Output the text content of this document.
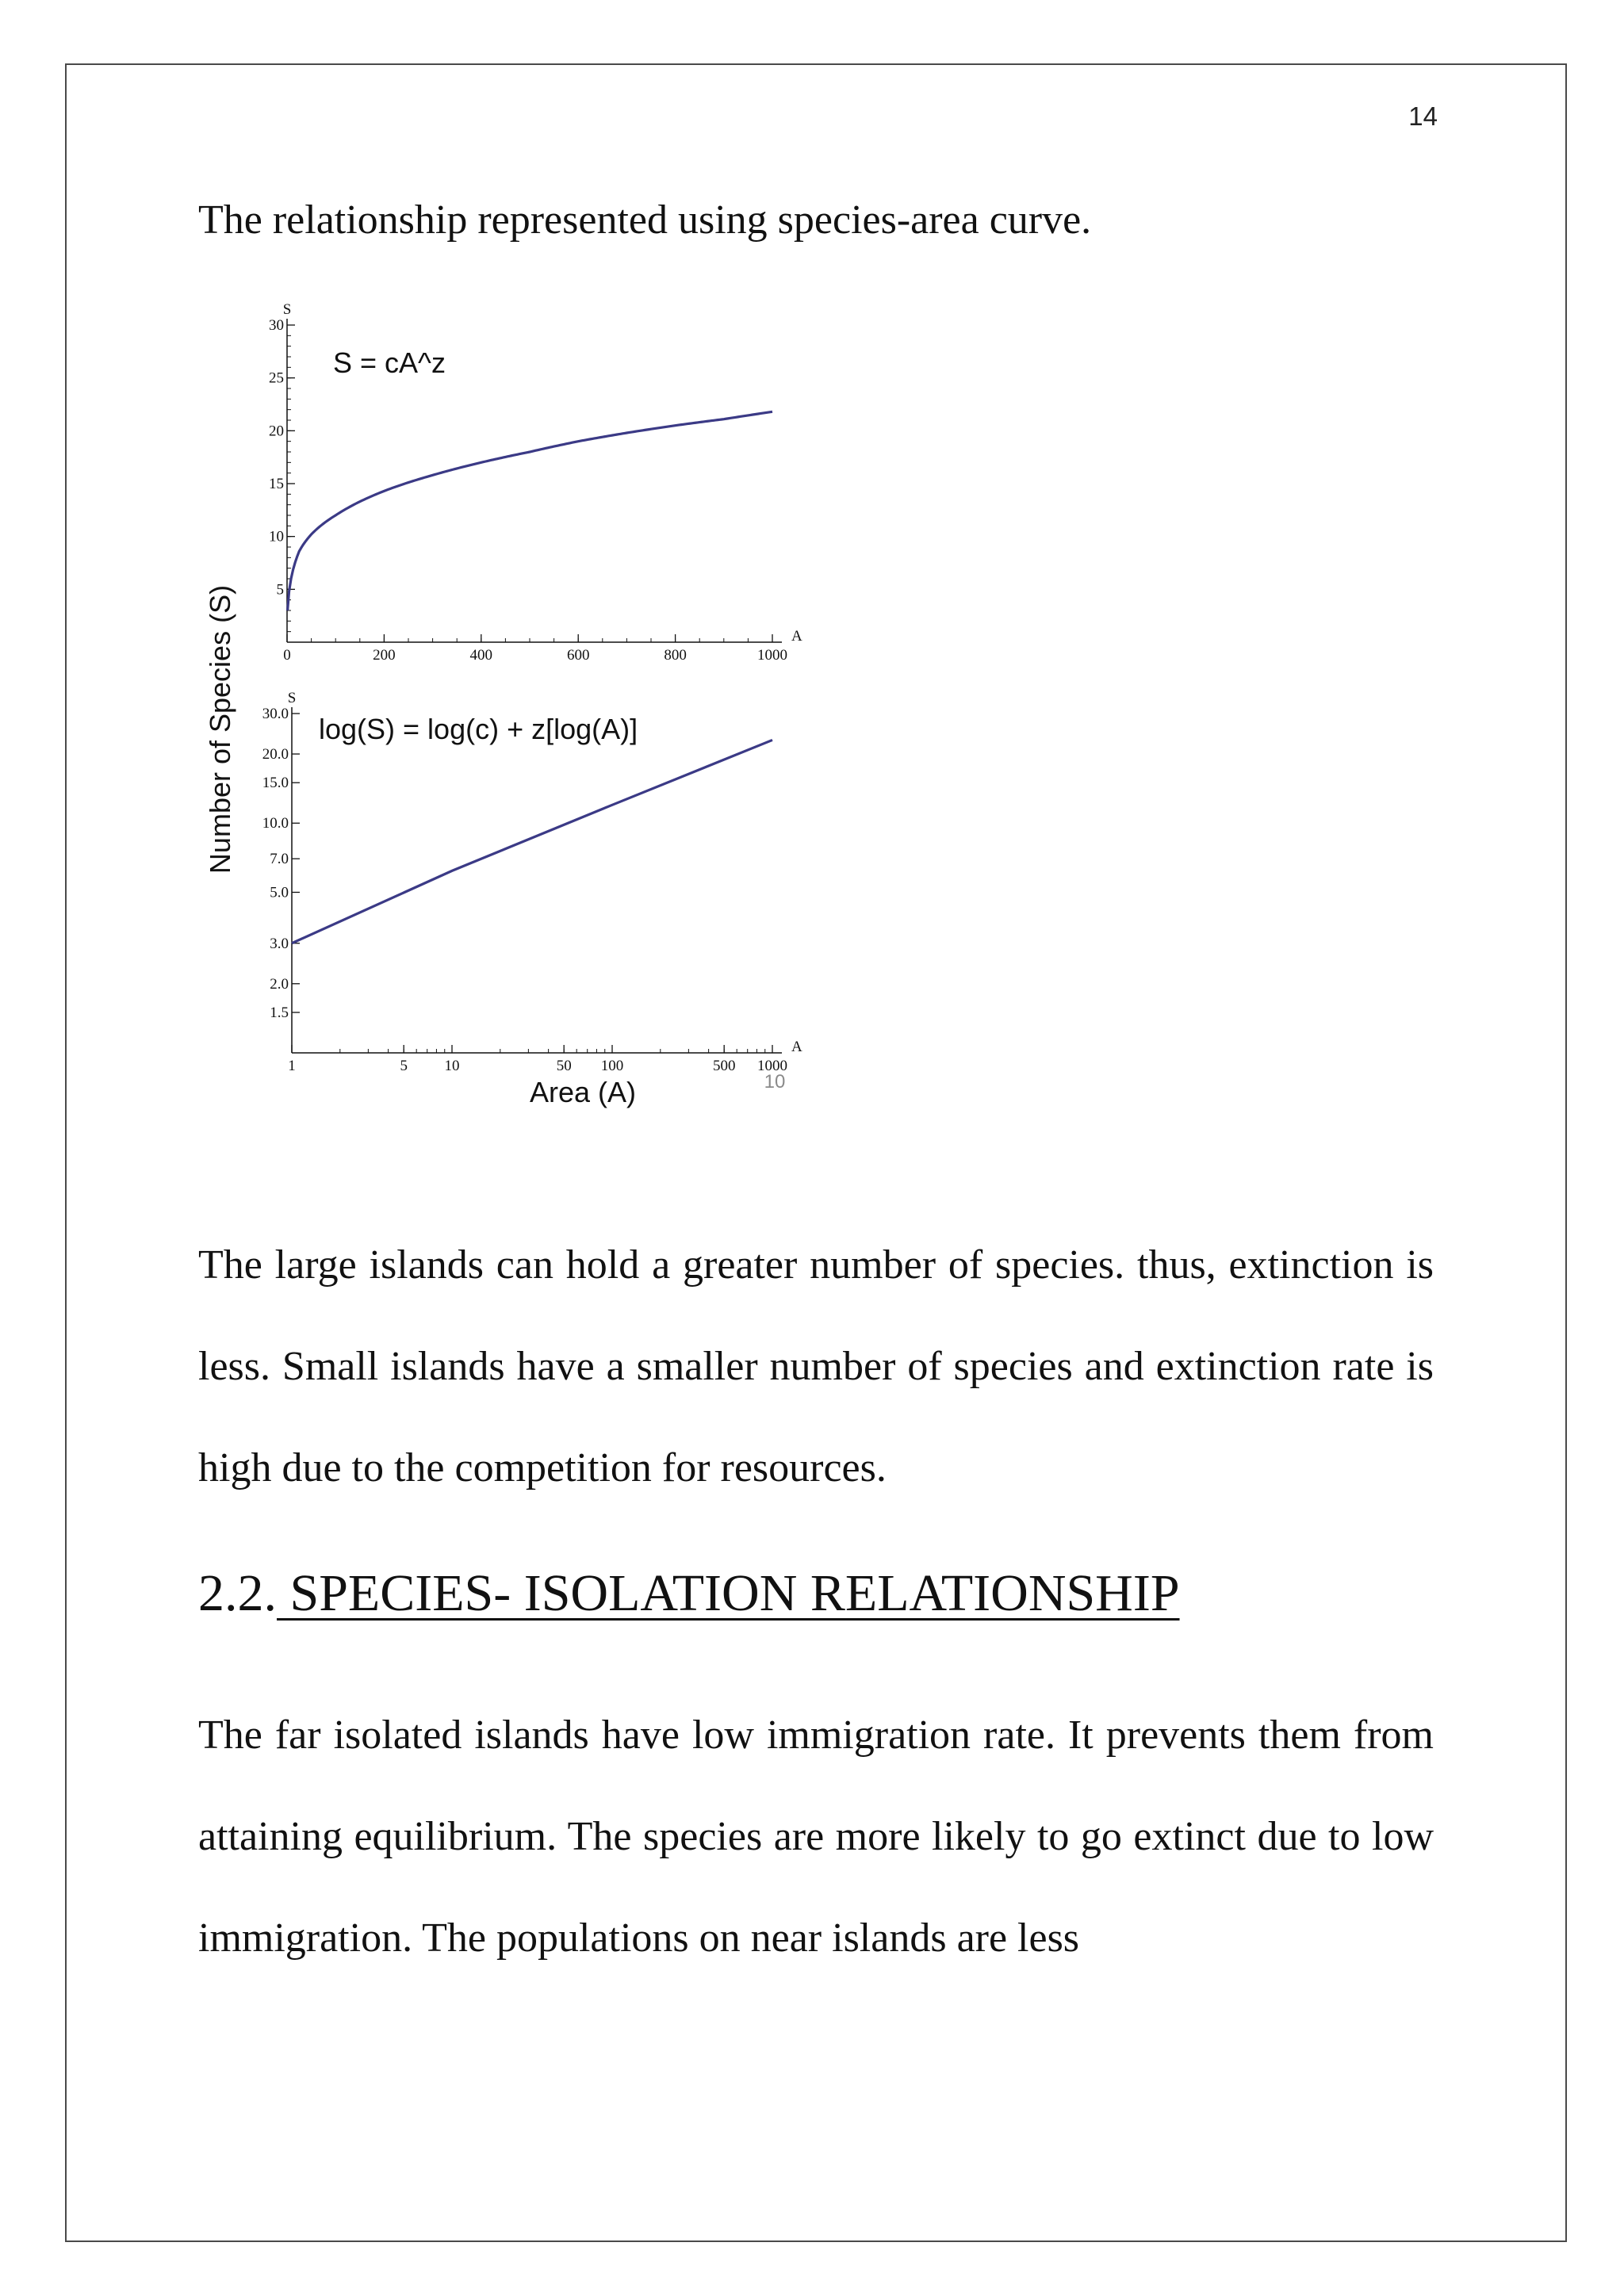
14
The relationship represented using species-area curve.
Number of Species (S)
Area (A)	10
S
A
0	200	400	600	800	1000
5
10
15
20
25
30
S = cA^z
S
A
1	5 10	50 100	500 1000
1.5
2.0
3.0
5.0
7.0
10.0
15.0
20.0
30.0 log(S) = log(c) + z[log(A)]

The large islands can hold a greater number of species. thus, extinction is less. Small islands have a smaller number of species and extinction rate is high due to the competition for resources.

2.2. SPECIES- ISOLATION RELATIONSHIP

The far isolated islands have low immigration rate. It prevents them from attaining equilibrium. The species are more likely to go extinct due to low immigration. The populations on near islands are less
